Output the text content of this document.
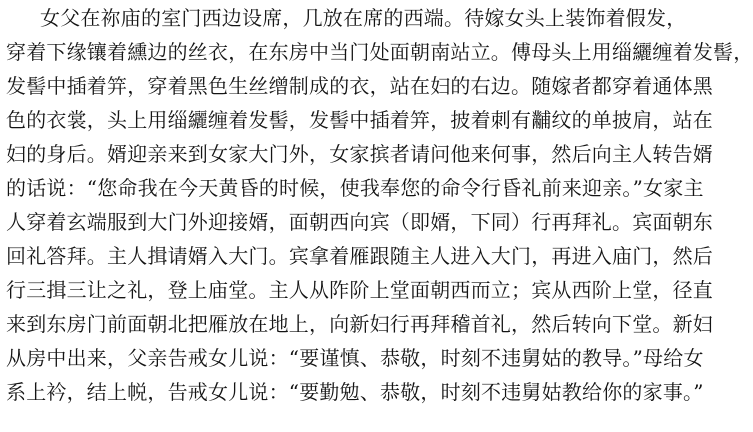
女父在祢庙的室门西边设席，几放在席的西端。待嫁女头上装饰着假发，
穿着下缘镶着纁边的丝衣，在东房中当门处面朝南站立。傅母头上用缁纚缠着发髻，
发髻中插着笄，穿着黑色生丝缯制成的衣，站在妇的右边。随嫁者都穿着通体黑
色的衣裳，头上用缁纚缠着发髻，发髻中插着笄，披着刺有黼纹的单披肩，站在
妇的身后。婿迎亲来到女家大门外，女家摈者请问他来何事，然后向主人转告婿
的话说：“您命我在今天黄昏的时候，使我奉您的命令行昏礼前来迎亲。”女家主
人穿着玄端服到大门外迎接婿，面朝西向宾（即婿，下同）行再拜礼。宾面朝东
回礼答拜。主人揖请婿入大门。宾拿着雁跟随主人进入大门，再进入庙门，然后
行三揖三让之礼，登上庙堂。主人从阼阶上堂面朝西而立；宾从西阶上堂，径直
来到东房门前面朝北把雁放在地上，向新妇行再拜稽首礼，然后转向下堂。新妇
从房中出来，父亲告戒女儿说：“要谨慎、恭敬，时刻不违舅姑的教导。”母给女
系上衿，结上帨，告戒女儿说：“要勤勉、恭敬，时刻不违舅姑教给你的家事。”
